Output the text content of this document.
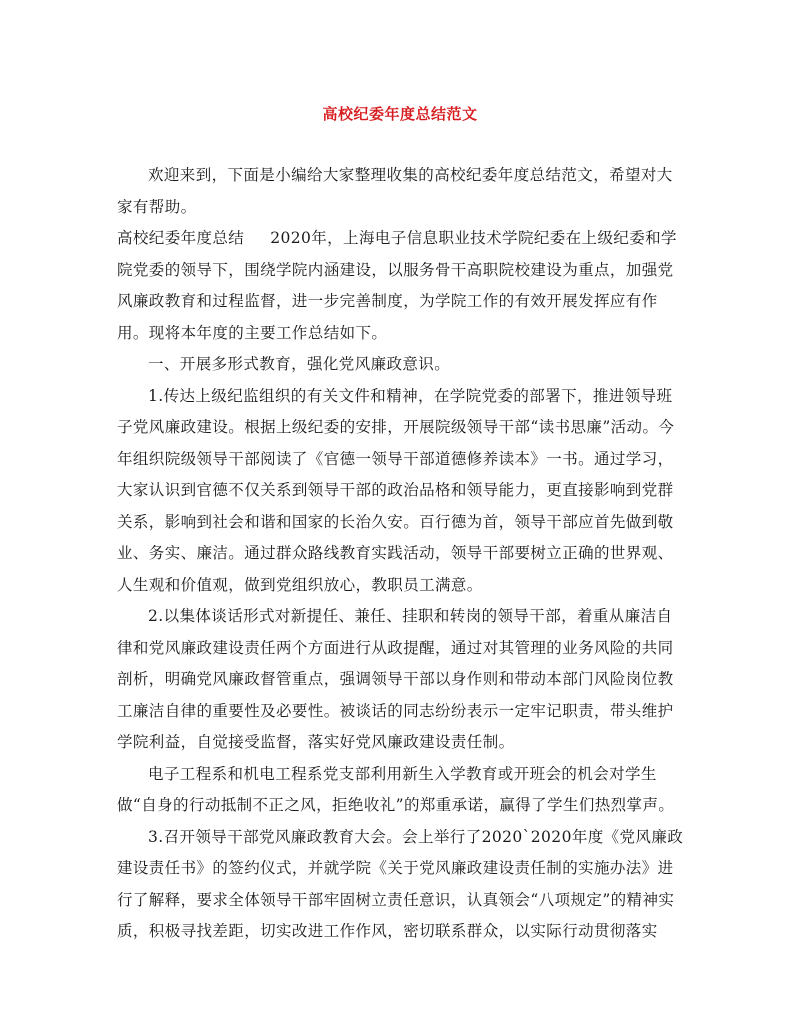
高校纪委年度总结范文

欢迎来到，下面是小编给大家整理收集的高校纪委年度总结范文，希望对大家有帮助。

高校纪委年度总结 2020年，上海电子信息职业技术学院纪委在上级纪委和学院党委的领导下，围绕学院内涵建设，以服务骨干高职院校建设为重点，加强党风廉政教育和过程监督，进一步完善制度，为学院工作的有效开展发挥应有作用。现将本年度的主要工作总结如下。

一、开展多形式教育，强化党风廉政意识。

1.传达上级纪监组织的有关文件和精神，在学院党委的部署下，推进领导班子党风廉政建设。根据上级纪委的安排，开展院级领导干部“读书思廉”活动。今年组织院级领导干部阅读了《官德一领导干部道德修养读本》一书。通过学习，大家认识到官德不仅关系到领导干部的政治品格和领导能力，更直接影响到党群关系，影响到社会和谐和国家的长治久安。百行德为首，领导干部应首先做到敬业、务实、廉洁。通过群众路线教育实践活动，领导干部要树立正确的世界观、人生观和价值观，做到党组织放心，教职员工满意。

2.以集体谈话形式对新提任、兼任、挂职和转岗的领导干部，着重从廉洁自律和党风廉政建设责任两个方面进行从政提醒，通过对其管理的业务风险的共同剖析，明确党风廉政督管重点，强调领导干部以身作则和带动本部门风险岗位教工廉洁自律的重要性及必要性。被谈话的同志纷纷表示一定牢记职责，带头维护学院利益，自觉接受监督，落实好党风廉政建设责任制。

电子工程系和机电工程系党支部利用新生入学教育或开班会的机会对学生做“自身的行动抵制不正之风，拒绝收礼”的郑重承诺，赢得了学生们热烈掌声。

3.召开领导干部党风廉政教育大会。会上举行了2020`2020年度《党风廉政建设责任书》的签约仪式，并就学院《关于党风廉政建设责任制的实施办法》进行了解释，要求全体领导干部牢固树立责任意识，认真领会“八项规定”的精神实质，积极寻找差距，切实改进工作作风，密切联系群众，以实际行动贯彻落实
